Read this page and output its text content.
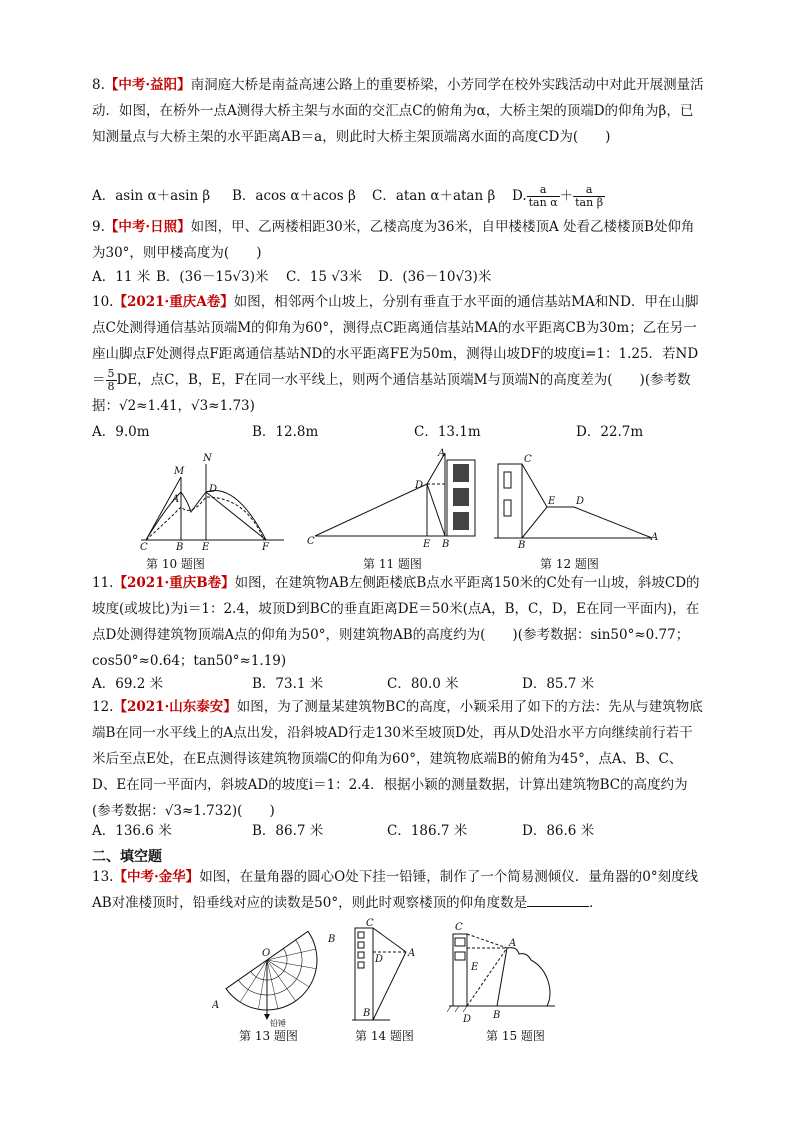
8.【中考·益阳】南洞庭大桥是南益高速公路上的重要桥梁，小芳同学在校外实践活动中对此开展测量活动．如图，在桥外一点A测得大桥主架与水面的交汇点C的俯角为α，大桥主架的顶端D的仰角为β，已知测量点与大桥主架的水平距离AB＝a，则此时大桥主架顶端离水面的高度CD为(　　)
A．asin α＋asin β B．acos α＋acos β C．atan α＋atan β D. $\frac{a}{\text{tan α}} + \frac{a}{\text{tan β}}$
9.【中考·日照】如图，甲、乙两楼相距30米，乙楼高度为36米，自甲楼楼顶A 处看乙楼楼顶B处仰角为30°，则甲楼高度为(　　)
A．11 米 B．(36－15√3)米 C．15 √3米 D．(36－10√3)米
10.【2021·重庆A卷】如图，相邻两个山坡上，分别有垂直于水平面的通信基站MA和ND．甲在山脚点C处测得通信基站顶端M的仰角为60°，测得点C距离通信基站MA的水平距离CB为30m；乙在另一座山脚点F处测得点F距离通信基站ND的水平距离FE为50m，测得山坡DF的坡度i=1：1.25．若$ND= \frac{5}{8}$ DE，点C，B，E，F在同一水平线上，则两个通信基站顶端M与顶端N的高度差为(　　)(参考数据：√2≈1.41，√3≈1.73)
A．9.0m	B．12.8m	C．13.1m	D．22.7m
M
N
A
D
C	B E	F
第 10 题图
A
D
C	E B
第 11 题图
C
E D
B
A
第 12 题图
11.【2021·重庆B卷】如图，在建筑物AB左侧距楼底B点水平距离150米的C处有一山坡，斜坡CD的坡度(或坡比)为i＝1：2.4，坡顶D到BC的垂直距离DE＝50米(点A，B，C，D，E在同一平面内)，在点D处测得建筑物顶端A点的仰角为50°，则建筑物AB的高度约为(　　)(参考数据：sin50°≈0.77；cos50°≈0.64；tan50°≈1.19)
A．69.2 米	B．73.1 米	C．80.0 米	D．85.7 米
12.【2021·山东泰安】如图，为了测量某建筑物BC的高度，小颖采用了如下的方法：先从与建筑物底端B在同一水平线上的A点出发，沿斜坡AD行走130米至坡顶D处，再从D处沿水平方向继续前行若干米后至点E处，在E点测得该建筑物顶端C的仰角为60°，建筑物底端B的俯角为45°，点A、B、C、D、E在同一平面内，斜坡AD的坡度i＝1：2.4．根据小颖的测量数据，计算出建筑物BC的高度约为(参考数据：√3≈1.732)(　　)
A．136.6 米	B．86.7 米	C．186.7 米	D．86.6 米
二、填空题
13.【中考·金华】如图，在量角器的圆心O处下挂一铅锤，制作了一个简易测倾仪．量角器的0°刻度线AB对准楼顶时，铅垂线对应的读数是50°，则此时观察楼顶的仰角度数是	．
O
A
B
铅锤
第 13 题图
C
D
A
B
第 14 题图
C
A
E
D B
第 15 题图
